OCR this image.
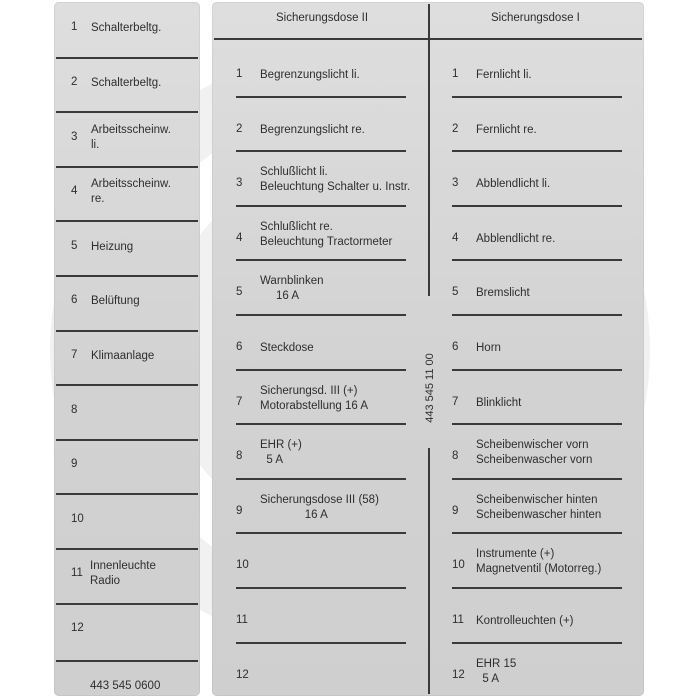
1 Schalterbeltg.
2 Schalterbeltg.
3
Arbeitsscheinw.
li.
4
Arbeitsscheinw.
re.
5 Heizung
6 Belüftung
7 Klimaanlage
8
9
10
11
Innenleuchte
Radio
12
443 545 0600
Sicherungsdose II	Sicherungsdose I
443 545 11 00
1 Begrenzungslicht li.
2 Begrenzungslicht re.
3
Schlußlicht li.
Beleuchtung Schalter u. Instr.
4
Schlußlicht re.
Beleuchtung Tractormeter
5
Warnblinken
16 A
6 Steckdose
7
Sicherungsd. III (+)
Motorabstellung 16 A
8
EHR (+)
5 A
9
Sicherungsdose III (58)
16 A
10
11
12
1 Fernlicht li.
2 Fernlicht re.
3 Abblendlicht li.
4 Abblendlicht re.
5 Bremslicht
6 Horn
7 Blinklicht
8
Scheibenwischer vorn
Scheibenwascher vorn
9
Scheibenwischer hinten
Scheibenwascher hinten
10
Instrumente (+)
Magnetventil (Motorreg.)
11 Kontrolleuchten (+)
12
EHR 15
5 A
